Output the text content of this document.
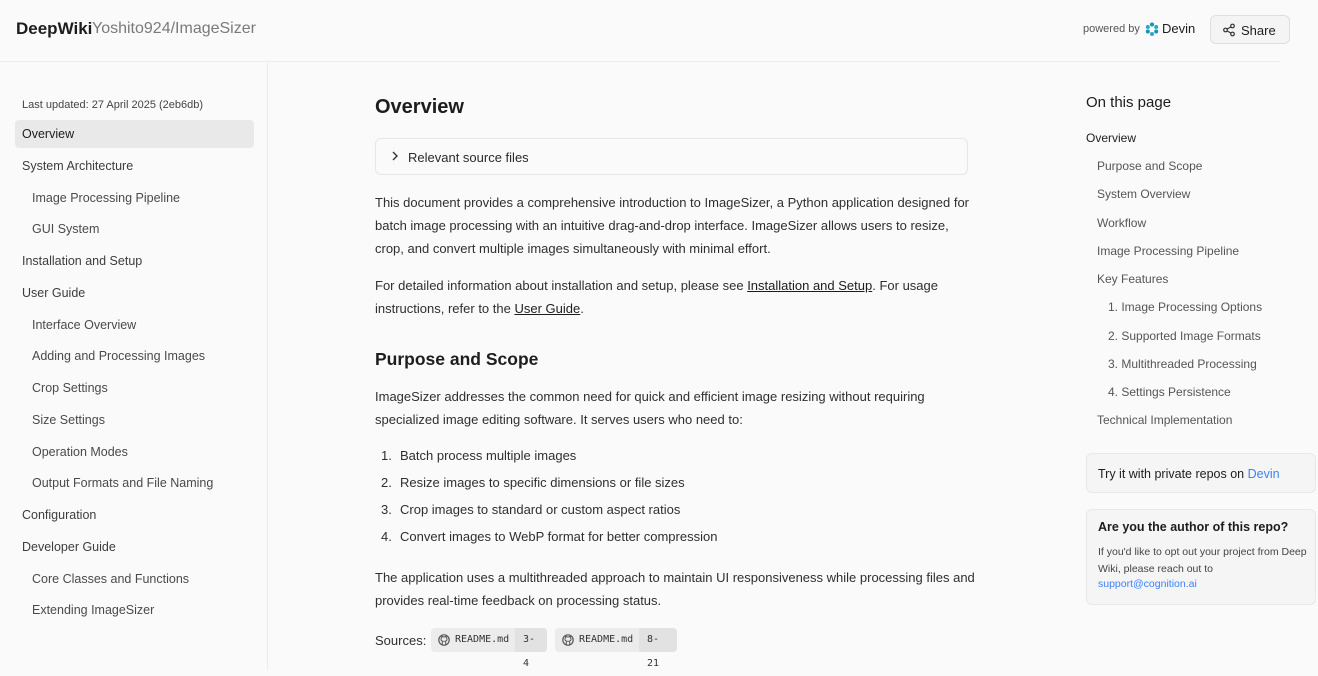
DeepWiki Yoshito924/ImageSizer	powered by Devin	Share
Last updated: 27 April 2025 (2eb6db)
Overview
System Architecture
Image Processing Pipeline
GUI System
Installation and Setup
User Guide
Interface Overview
Adding and Processing Images
Crop Settings
Size Settings
Operation Modes
Output Formats and File Naming
Configuration
Developer Guide
Core Classes and Functions
Extending ImageSizer
Overview
Relevant source files

This document provides a comprehensive introduction to ImageSizer, a Python application designed for batch image processing with an intuitive drag-and-drop interface. ImageSizer allows users to resize, crop, and convert multiple images simultaneously with minimal effort.

For detailed information about installation and setup, please see Installation and Setup. For usage instructions, refer to the User Guide.

Purpose and Scope

ImageSizer addresses the common need for quick and efficient image resizing without requiring specialized image editing software. It serves users who need to:

1. Batch process multiple images
2. Resize images to specific dimensions or file sizes
3. Crop images to standard or custom aspect ratios
4. Convert images to WebP format for better compression

The application uses a multithreaded approach to maintain UI responsiveness while processing files and provides real-time feedback on processing status.

Sources:	README.md	3-4
README.md	8-21
On this page
Overview
Purpose and Scope
System Overview
Workflow
Image Processing Pipeline
Key Features
1. Image Processing Options
2. Supported Image Formats
3. Multithreaded Processing
4. Settings Persistence
Technical Implementation
Try it with private repos on Devin
Are you the author of this repo?
If you'd like to opt out your project from Deep Wiki, please reach out to
support@cognition.ai
